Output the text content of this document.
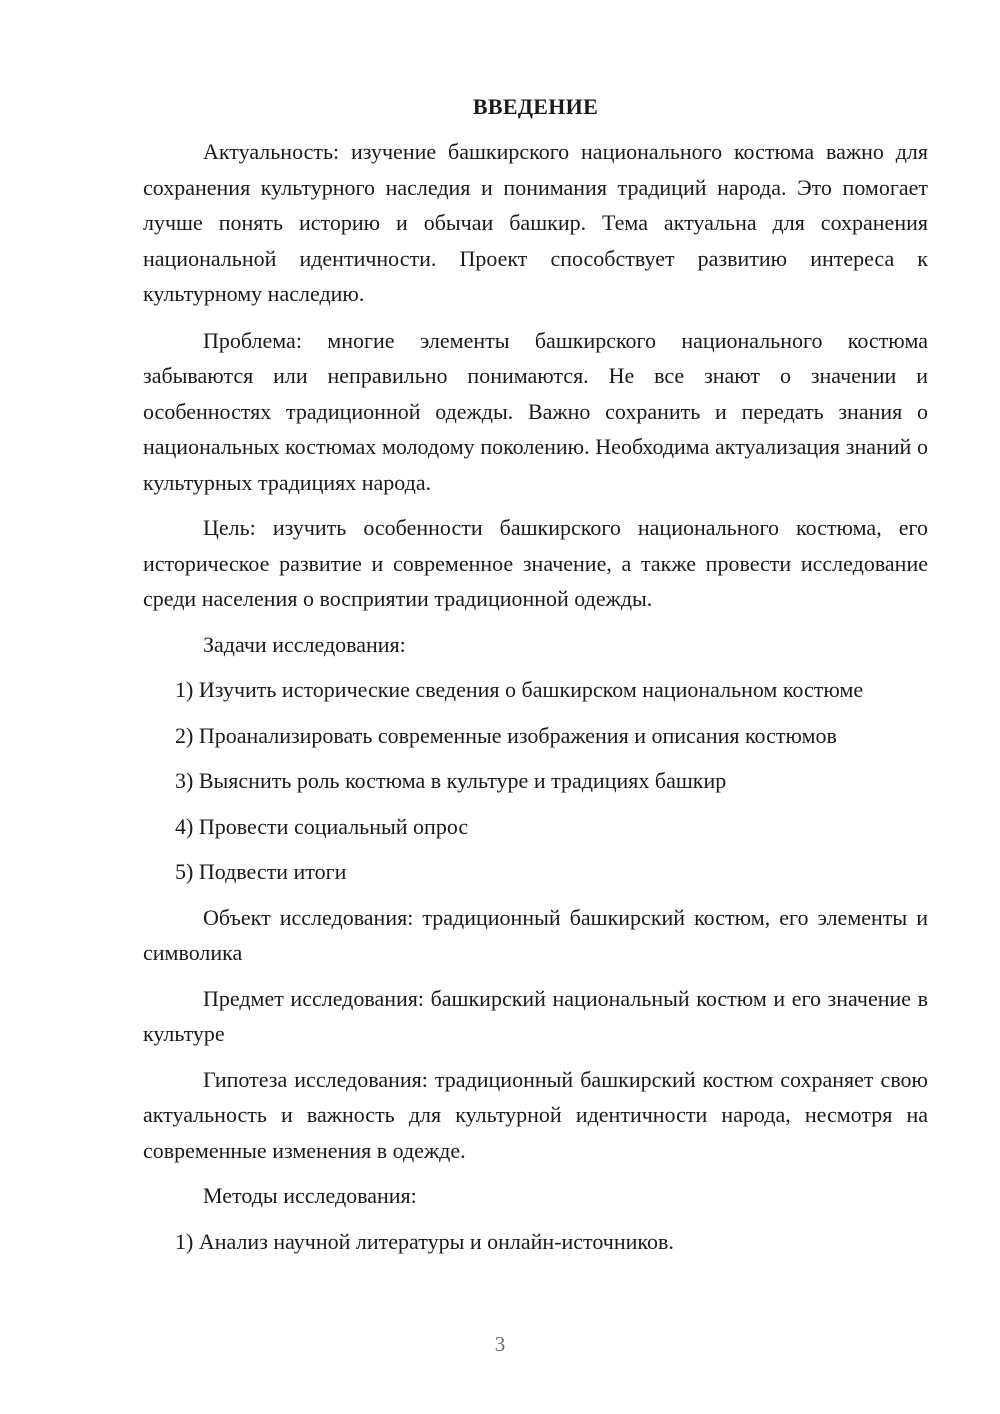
ВВЕДЕНИЕ

Актуальность: изучение башкирского национального костюма важно для сохранения культурного наследия и понимания традиций народа. Это помогает лучше понять историю и обычаи башкир. Тема актуальна для сохранения национальной идентичности. Проект способствует развитию интереса к культурному наследию.

Проблема: многие элементы башкирского национального костюма забываются или неправильно понимаются. Не все знают о значении и особенностях традиционной одежды. Важно сохранить и передать знания о национальных костюмах молодому поколению. Необходима актуализация знаний о культурных традициях народа.

Цель: изучить особенности башкирского национального костюма, его историческое развитие и современное значение, а также провести исследование среди населения о восприятии традиционной одежды.

Задачи исследования:

1) Изучить исторические сведения о башкирском национальном костюме

2) Проанализировать современные изображения и описания костюмов

3) Выяснить роль костюма в культуре и традициях башкир

4) Провести социальный опрос

5) Подвести итоги

Объект исследования: традиционный башкирский костюм, его элементы и символика

Предмет исследования: башкирский национальный костюм и его значение в культуре

Гипотеза исследования: традиционный башкирский костюм сохраняет свою актуальность и важность для культурной идентичности народа, несмотря на современные изменения в одежде.

Методы исследования:

1) Анализ научной литературы и онлайн-источников.

3
